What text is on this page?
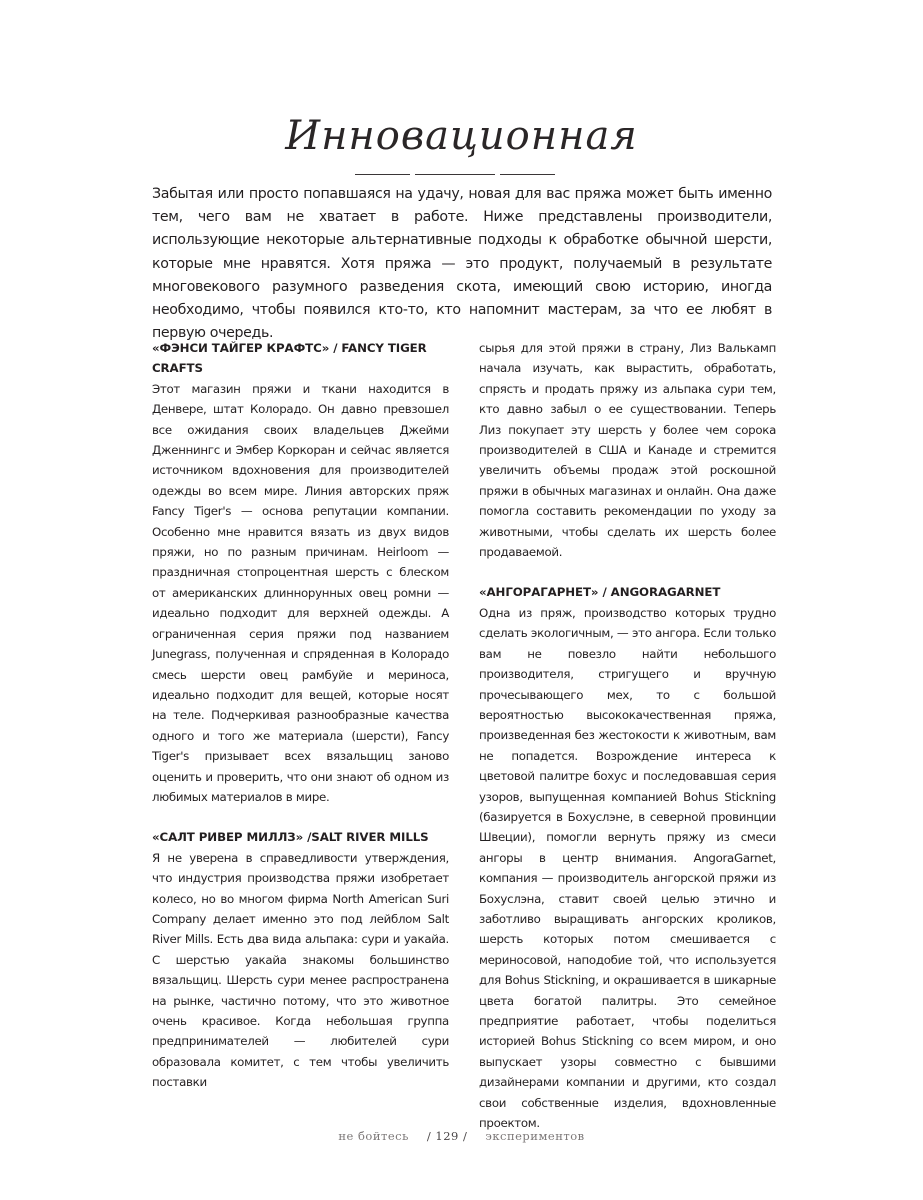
Инновационная

Забытая или просто попавшаяся на удачу, новая для вас пряжа может быть именно тем, чего вам не хватает в работе. Ниже представлены производители, использующие некоторые альтернативные подходы к обработке обычной шерсти, которые мне нравятся. Хотя пряжа — это продукт, получаемый в результате многовекового разумного разведения скота, имеющий свою историю, иногда необходимо, чтобы появился кто-то, кто напомнит мастерам, за что ее любят в первую очередь.

«ФЭНСИ ТАЙГЕР КРАФТС» / FANCY TIGER CRAFTS

Этот магазин пряжи и ткани находится в Денвере, штат Колорадо. Он давно превзошел все ожидания своих владельцев Джейми Дженнингс и Эмбер Коркоран и сейчас является источником вдохновения для производителей одежды во всем мире. Линия авторских пряж Fancy Tiger's — основа репутации компании. Особенно мне нравится вязать из двух видов пряжи, но по разным причинам. Heirloom — праздничная стопроцентная шерсть с блеском от американских длиннорунных овец ромни — идеально подходит для верхней одежды. А ограниченная серия пряжи под названием Junegrass, полученная и спряденная в Колорадо смесь шерсти овец рамбуйе и мериноса, идеально подходит для вещей, которые носят на теле. Подчеркивая разнообразные качества одного и того же материала (шерсти), Fancy Tiger's призывает всех вязальщиц заново оценить и проверить, что они знают об одном из любимых материалов в мире.

«САЛТ РИВЕР МИЛЛЗ» /SALT RIVER MILLS

Я не уверена в справедливости утверждения, что индустрия производства пряжи изобретает колесо, но во многом фирма North American Suri Company делает именно это под лейблом Salt River Mills. Есть два вида альпака: сури и уакайа. С шерстью уакайа знакомы большинство вязальщиц. Шерсть сури менее распространена на рынке, частично потому, что это животное очень красивое. Когда небольшая группа предпринимателей — любителей сури образовала комитет, с тем чтобы увеличить поставки

сырья для этой пряжи в страну, Лиз Валькамп начала изучать, как вырастить, обработать, спрясть и продать пряжу из альпака сури тем, кто давно забыл о ее существовании. Теперь Лиз покупает эту шерсть у более чем сорока производителей в США и Канаде и стремится увеличить объемы продаж этой роскошной пряжи в обычных магазинах и онлайн. Она даже помогла составить рекомендации по уходу за животными, чтобы сделать их шерсть более продаваемой.

«АНГОРАГАРНЕТ» / ANGORAGARNET

Одна из пряж, производство которых трудно сделать экологичным, — это ангора. Если только вам не повезло найти небольшого производителя, стригущего и вручную прочесывающего мех, то с большой вероятностью высококачественная пряжа, произведенная без жестокости к животным, вам не попадется. Возрождение интереса к цветовой палитре бохус и последовавшая серия узоров, выпущенная компанией Bohus Stickning (базируется в Бохуслэне, в северной провинции Швеции), помогли вернуть пряжу из смеси ангоры в центр внимания. AngoraGarnet, компания — производитель ангорской пряжи из Бохуслэна, ставит своей целью этично и заботливо выращивать ангорских кроликов, шерсть которых потом смешивается с мериносовой, наподобие той, что используется для Bohus Stickning, и окрашивается в шикарные цвета богатой палитры. Это семейное предприятие работает, чтобы поделиться историей Bohus Stickning со всем миром, и оно выпускает узоры совместно с бывшими дизайнерами компании и другими, кто создал свои собственные изделия, вдохновленные проектом.

не бойтесь / 129 / экспериментов
